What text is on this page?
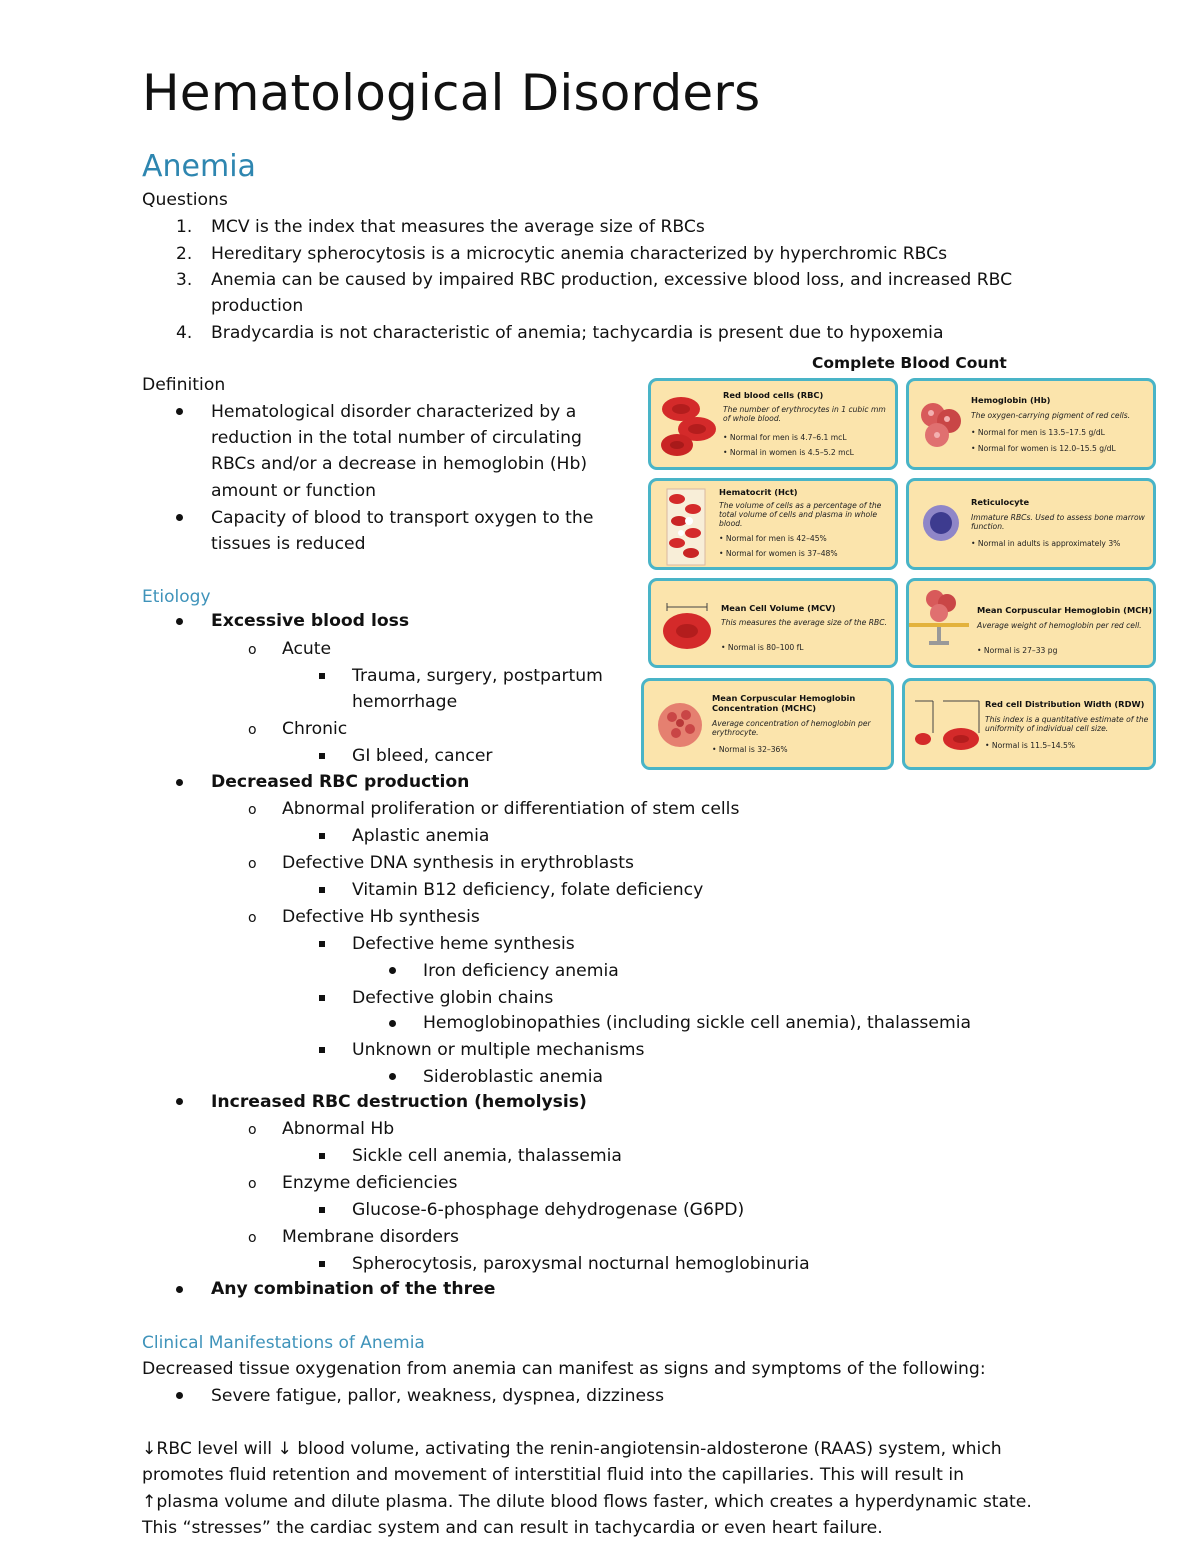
Hematological Disorders
Anemia
Questions
1. MCV is the index that measures the average size of RBCs
2. Hereditary spherocytosis is a microcytic anemia characterized by hyperchromic RBCs
3. Anemia can be caused by impaired RBC production, excessive blood loss, and increased RBC
production
4. Bradycardia is not characteristic of anemia; tachycardia is present due to hypoxemia
Definition
Hematological disorder characterized by a
reduction in the total number of circulating
RBCs and/or a decrease in hemoglobin (Hb)
amount or function
Capacity of blood to transport oxygen to the
tissues is reduced
Etiology
Excessive blood loss
o Acute
Trauma, surgery, postpartum
hemorrhage
o Chronic
GI bleed, cancer
Decreased RBC production
o Abnormal proliferation or differentiation of stem cells
Aplastic anemia
o Defective DNA synthesis in erythroblasts
Vitamin B12 deficiency, folate deficiency
o Defective Hb synthesis
Defective heme synthesis
Iron deficiency anemia
Defective globin chains
Hemoglobinopathies (including sickle cell anemia), thalassemia
Unknown or multiple mechanisms
Sideroblastic anemia
Increased RBC destruction (hemolysis)
o Abnormal Hb
Sickle cell anemia, thalassemia
o Enzyme deficiencies
Glucose-6-phosphage dehydrogenase (G6PD)
o Membrane disorders
Spherocytosis, paroxysmal nocturnal hemoglobinuria
Any combination of the three
Clinical Manifestations of Anemia
Decreased tissue oxygenation from anemia can manifest as signs and symptoms of the following:
Severe fatigue, pallor, weakness, dyspnea, dizziness
↓RBC level will ↓ blood volume, activating the renin-angiotensin-aldosterone (RAAS) system, which
promotes fluid retention and movement of interstitial fluid into the capillaries. This will result in
↑plasma volume and dilute plasma. The dilute blood flows faster, which creates a hyperdynamic state.
This “stresses” the cardiac system and can result in tachycardia or even heart failure.
Complete Blood Count
Red blood cells (RBC)
The number of erythrocytes in 1 cubic mm of whole blood.
• Normal for men is 4.7–6.1 mcL
• Normal in women is 4.5–5.2 mcL
Hemoglobin (Hb)
The oxygen-carrying pigment of red cells.
• Normal for men is 13.5–17.5 g/dL
• Normal for women is 12.0–15.5 g/dL
Hematocrit (Hct)
The volume of cells as a percentage of the total volume of cells and plasma in whole blood.
• Normal for men is 42–45%
• Normal for women is 37–48%
Reticulocyte
Immature RBCs. Used to assess bone marrow function.
• Normal in adults is approximately 3%
Mean Cell Volume (MCV)
This measures the average size of the RBC.
• Normal is 80–100 fL
Mean Corpuscular Hemoglobin (MCH)
Average weight of hemoglobin per red cell.
• Normal is 27–33 pg
Mean Corpuscular Hemoglobin Concentration (MCHC)
Average concentration of hemoglobin per erythrocyte.
• Normal is 32–36%
Red cell Distribution Width (RDW)
This index is a quantitative estimate of the uniformity of individual cell size.
• Normal is 11.5–14.5%
